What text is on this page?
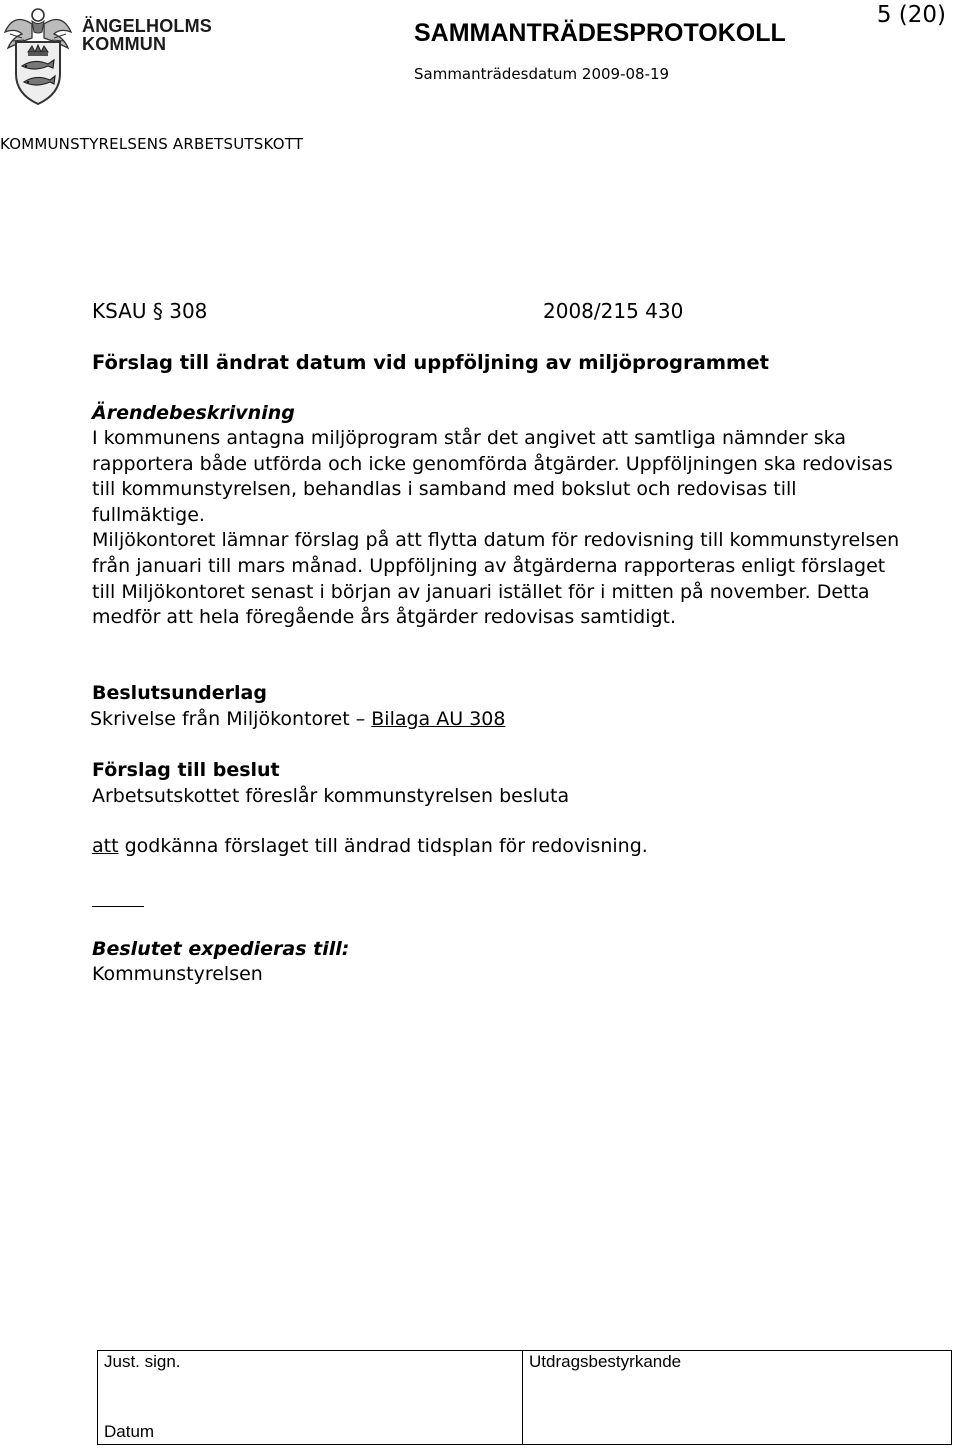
ÄNGELHOLMS
KOMMUN	SAMMANTRÄDESPROTOKOLL
Sammanträdesdatum 2009-08-19
5 (20)
KOMMUNSTYRELSENS ARBETSUTSKOTT
KSAU § 308	2008/215 430
Förslag till ändrat datum vid uppföljning av miljöprogrammet
Ärendebeskrivning

I kommunens antagna miljöprogram står det angivet att samtliga nämnder ska rapportera både utförda och icke genomförda åtgärder. Uppföljningen ska redovisas till kommunstyrelsen, behandlas i samband med bokslut och redovisas till fullmäktige.

Miljökontoret lämnar förslag på att flytta datum för redovisning till kommunstyrelsen från januari till mars månad. Uppföljning av åtgärderna rapporteras enligt förslaget till Miljökontoret senast i början av januari istället för i mitten på november. Detta medför att hela föregående års åtgärder redovisas samtidigt.

Beslutsunderlag
Skrivelse från Miljökontoret – Bilaga AU 308
Förslag till beslut
Arbetsutskottet föreslår kommunstyrelsen besluta
att godkänna förslaget till ändrad tidsplan för redovisning.
Beslutet expedieras till:
Kommunstyrelsen
Just. sign.	Utdragsbestyrkande
Datum
